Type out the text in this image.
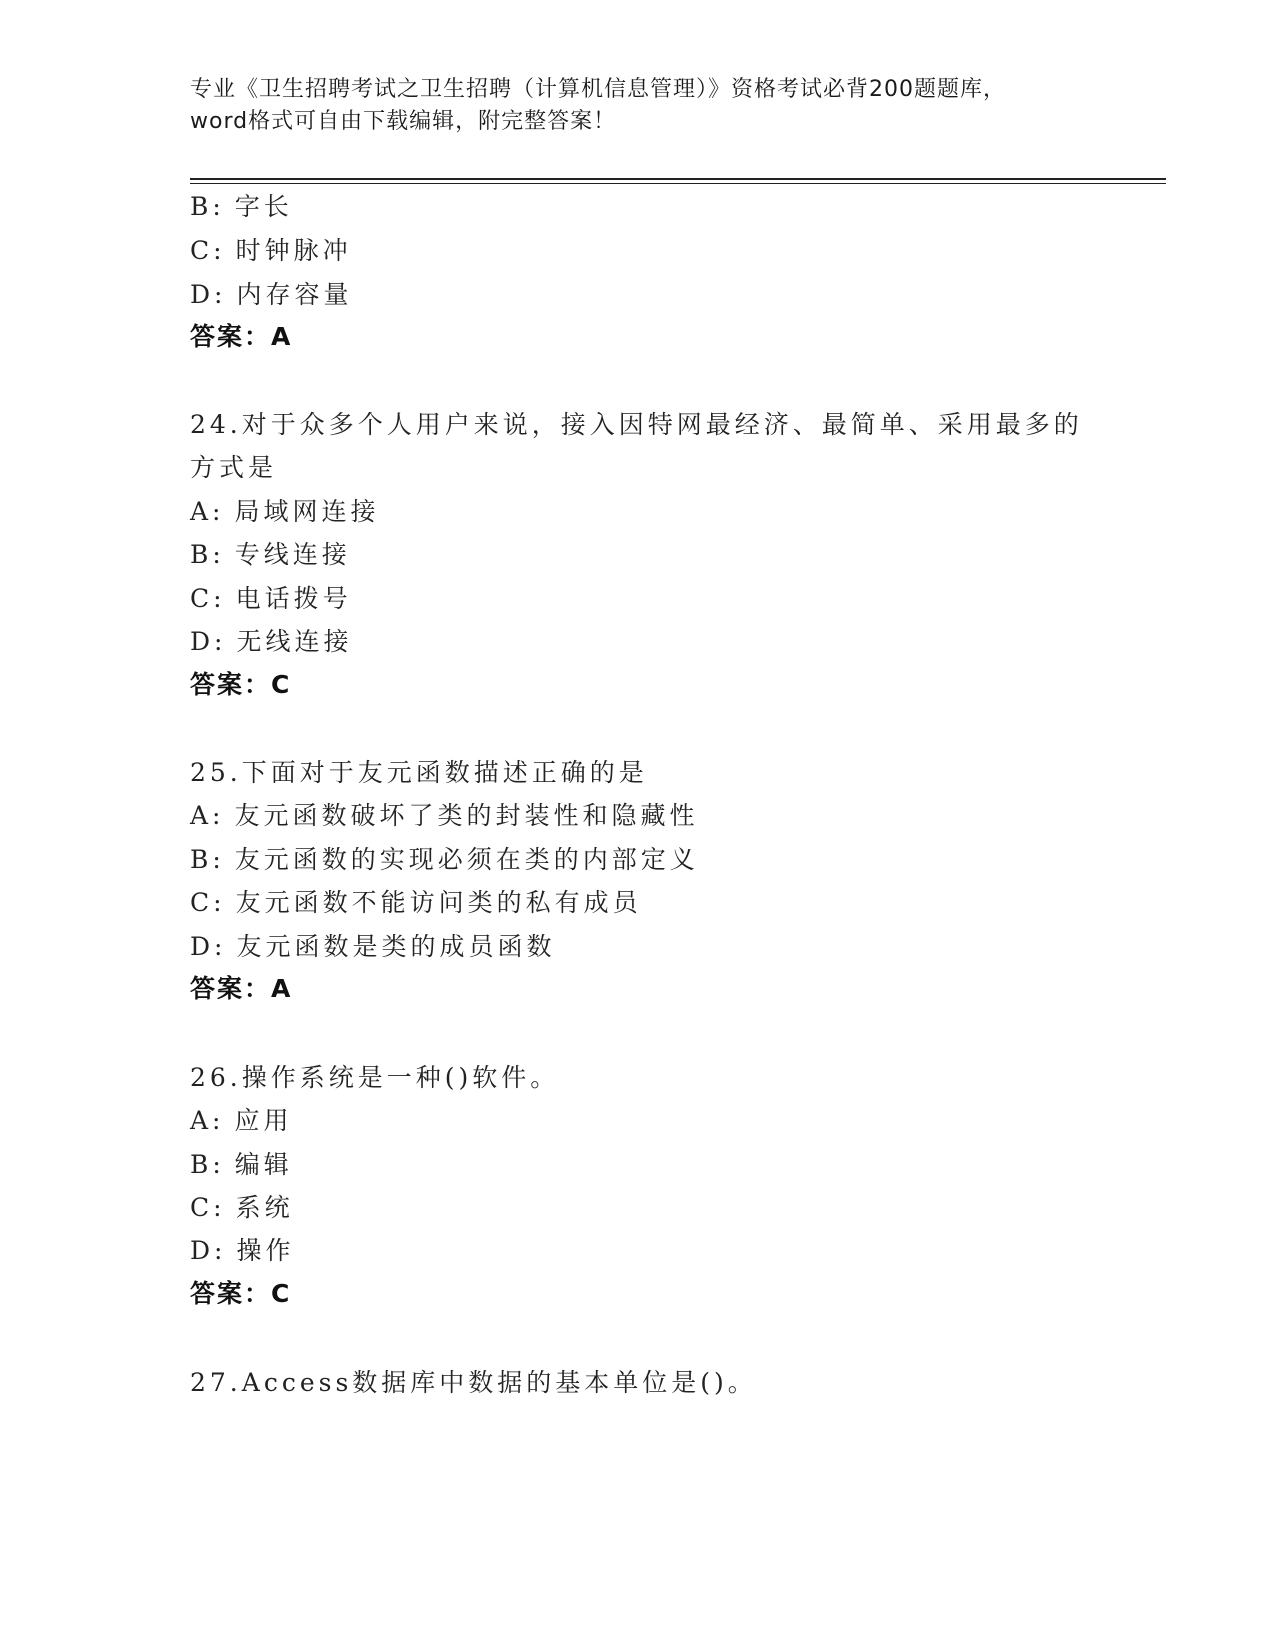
专业《卫生招聘考试之卫生招聘（计算机信息管理）》资格考试必背200题题库，
word格式可自由下载编辑，附完整答案！
B: 字长
C: 时钟脉冲
D: 内存容量
答案：A
24.对于众多个人用户来说，接入因特网最经济、最简单、采用最多的
方式是
A: 局域网连接
B: 专线连接
C: 电话拨号
D: 无线连接
答案：C
25.下面对于友元函数描述正确的是
A: 友元函数破坏了类的封装性和隐藏性
B: 友元函数的实现必须在类的内部定义
C: 友元函数不能访问类的私有成员
D: 友元函数是类的成员函数
答案：A
26.操作系统是一种()软件。
A: 应用
B: 编辑
C: 系统
D: 操作
答案：C
27.Access数据库中数据的基本单位是()。
